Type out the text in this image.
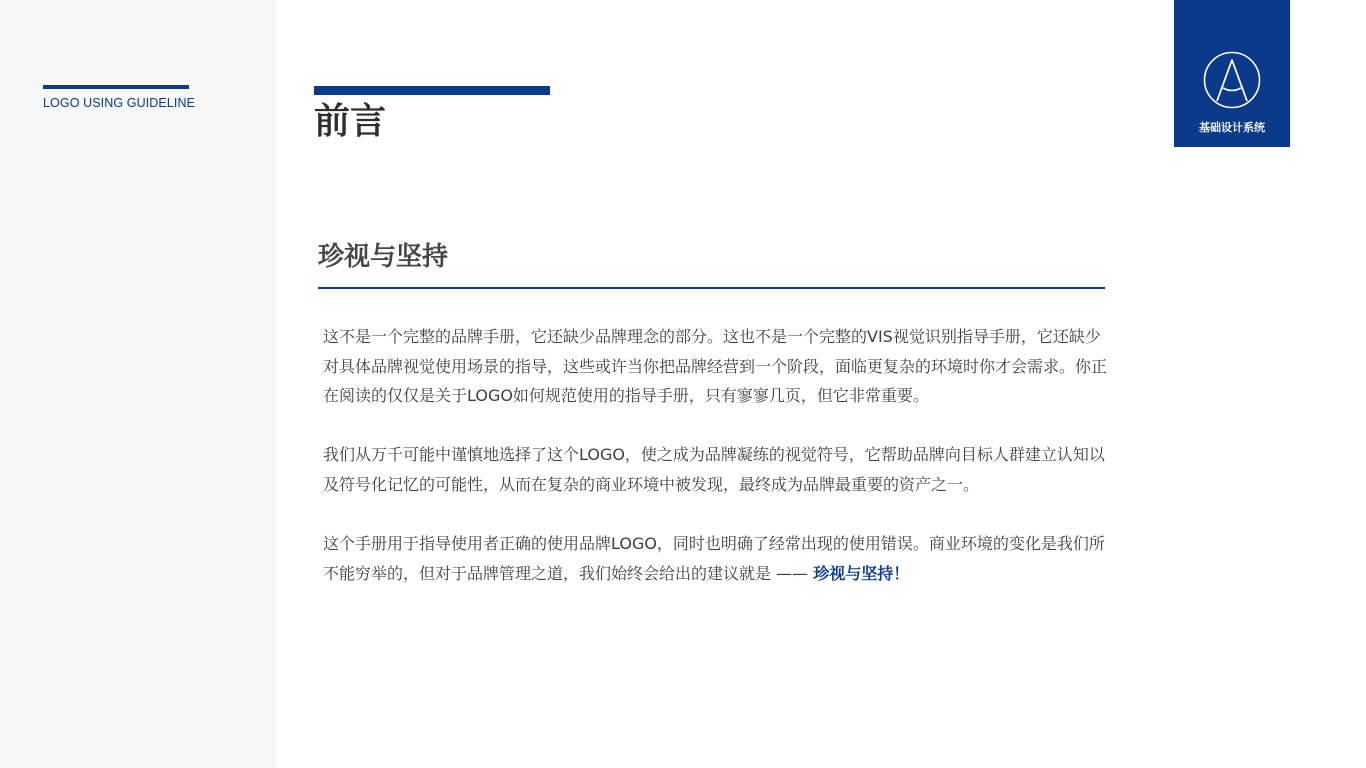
LOGO USING GUIDELINE	前言	基础设计系统
珍视与坚持

这不是一个完整的品牌手册，它还缺少品牌理念的部分。这也不是一个完整的VIS视觉识别指导手册，它还缺少对具体品牌视觉使用场景的指导，这些或许当你把品牌经营到一个阶段，面临更复杂的环境时你才会需求。你正在阅读的仅仅是关于LOGO如何规范使用的指导手册，只有寥寥几页，但它非常重要。

我们从万千可能中谨慎地选择了这个LOGO，使之成为品牌凝练的视觉符号，它帮助品牌向目标人群建立认知以及符号化记忆的可能性，从而在复杂的商业环境中被发现，最终成为品牌最重要的资产之一。

这个手册用于指导使用者正确的使用品牌LOGO，同时也明确了经常出现的使用错误。商业环境的变化是我们所不能穷举的，但对于品牌管理之道，我们始终会给出的建议就是 —— 珍视与坚持！
